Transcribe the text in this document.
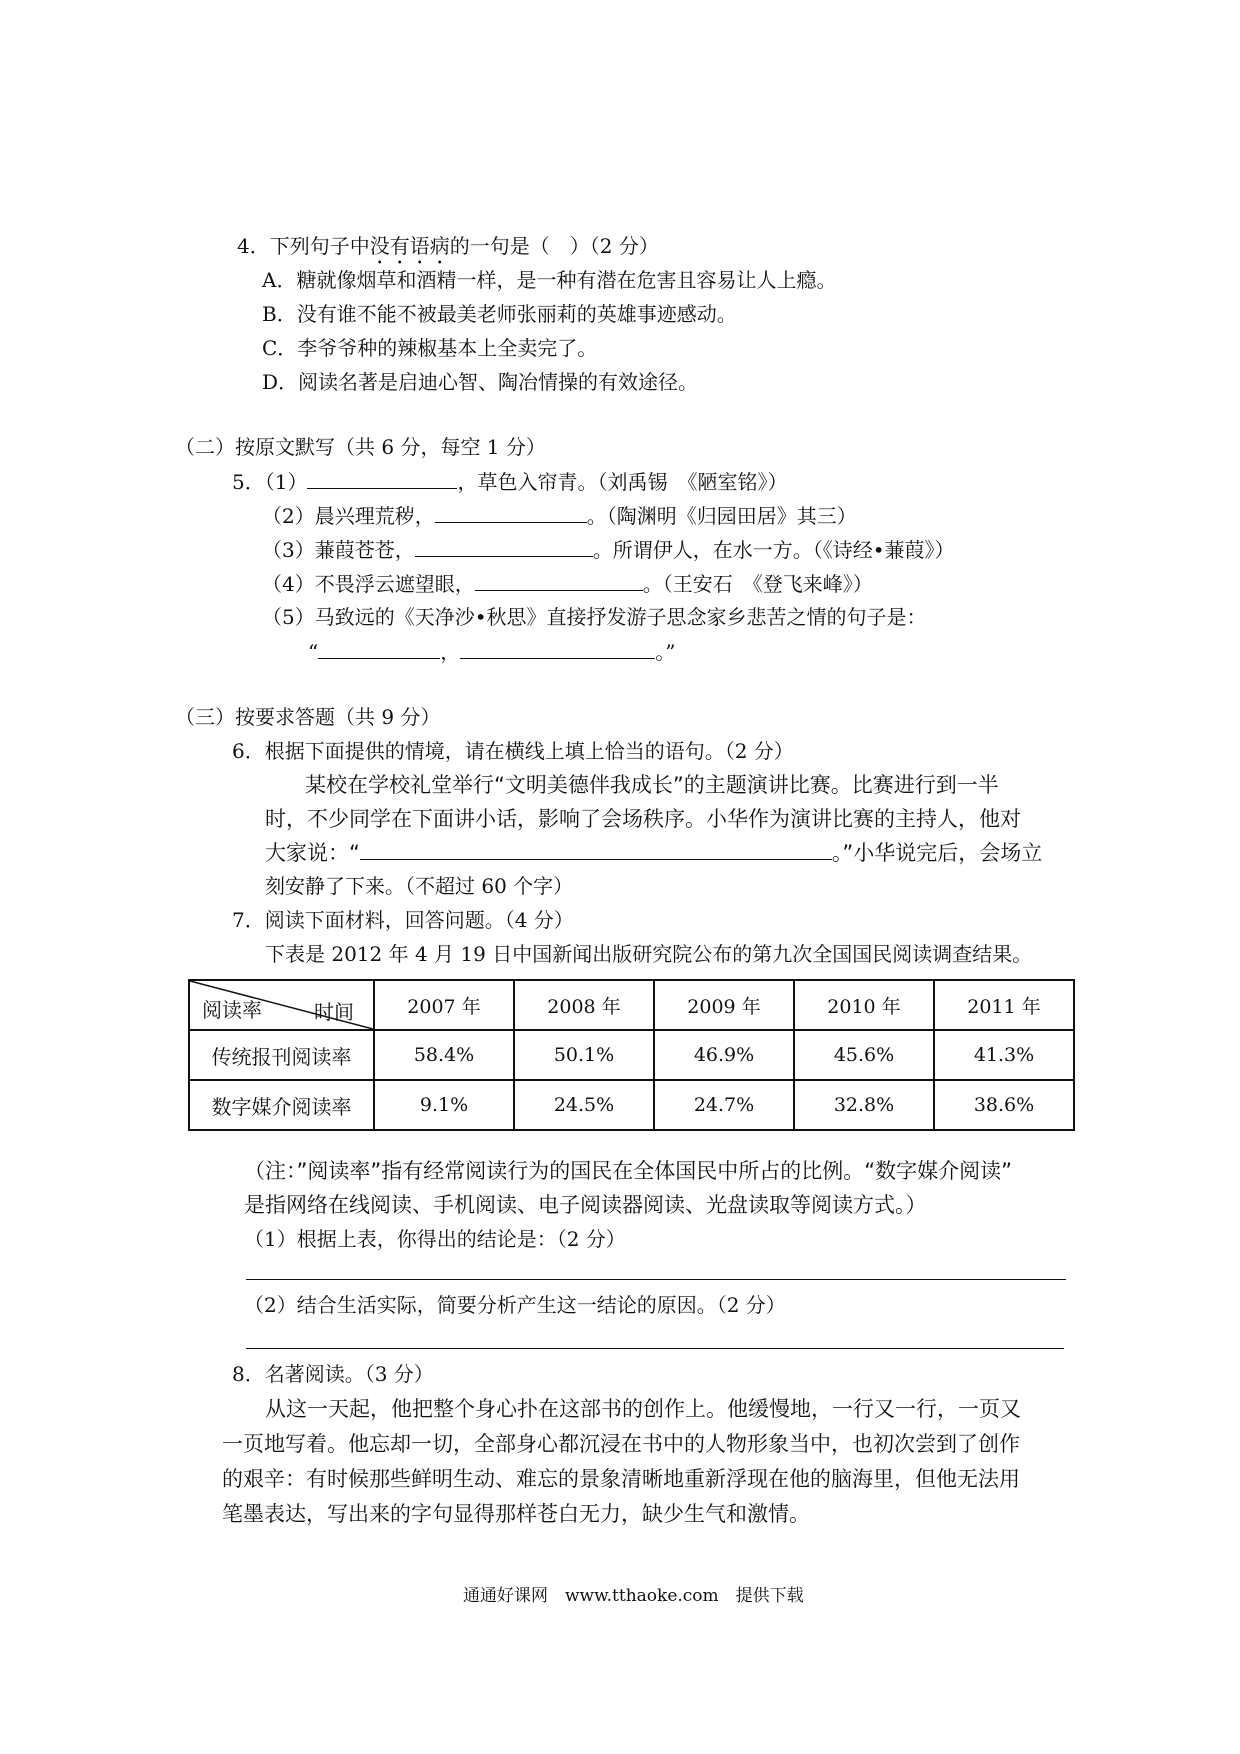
4．下列句子中没有语病的一句是（　）（2 分）
A．糖就像烟草和酒精一样，是一种有潜在危害且容易让人上瘾。
B．没有谁不能不被最美老师张丽莉的英雄事迹感动。
C．李爷爷种的辣椒基本上全卖完了。
D．阅读名著是启迪心智、陶冶情操的有效途径。
（二）按原文默写（共 6 分，每空 1 分）
5．（1）	，草色入帘青。（刘禹锡　《陋室铭》）
（2）晨兴理荒秽，	。（陶渊明《归园田居》其三）
（3）蒹葭苍苍，	。所谓伊人，在水一方。（《诗经•蒹葭》）
（4）不畏浮云遮望眼，	。（王安石　《登飞来峰》）
（5）马致远的《天净沙•秋思》直接抒发游子思念家乡悲苦之情的句子是：
“	，	。”
（三）按要求答题（共 9 分）
6．根据下面提供的情境，请在横线上填上恰当的语句。（2 分）
某校在学校礼堂举行“文明美德伴我成长”的主题演讲比赛。比赛进行到一半
时，不少同学在下面讲小话，影响了会场秩序。小华作为演讲比赛的主持人，他对
大家说：“	。”小华说完后，会场立
刻安静了下来。（不超过 60 个字）
7．阅读下面材料，回答问题。（4 分）
下表是 2012 年 4 月 19 日中国新闻出版研究院公布的第九次全国国民阅读调查结果。
阅读率 时间	2007 年	2008 年	2009 年	2010 年	2011 年
传统报刊阅读率	58.4%	50.1%	46.9%	45.6%	41.3%
数字媒介阅读率	9.1%	24.5%	24.7%	32.8%	38.6%
（注：”阅读率”指有经常阅读行为的国民在全体国民中所占的比例。“数字媒介阅读”
是指网络在线阅读、手机阅读、电子阅读器阅读、光盘读取等阅读方式。）
（1）根据上表，你得出的结论是：（2 分）
（2）结合生活实际，简要分析产生这一结论的原因。（2 分）
8．名著阅读。（3 分）
从这一天起，他把整个身心扑在这部书的创作上。他缓慢地，一行又一行，一页又
一页地写着。他忘却一切，全部身心都沉浸在书中的人物形象当中，也初次尝到了创作
的艰辛：有时候那些鲜明生动、难忘的景象清晰地重新浮现在他的脑海里，但他无法用
笔墨表达，写出来的字句显得那样苍白无力，缺少生气和激情。
通通好课网　www.tthaoke.com　提供下载
